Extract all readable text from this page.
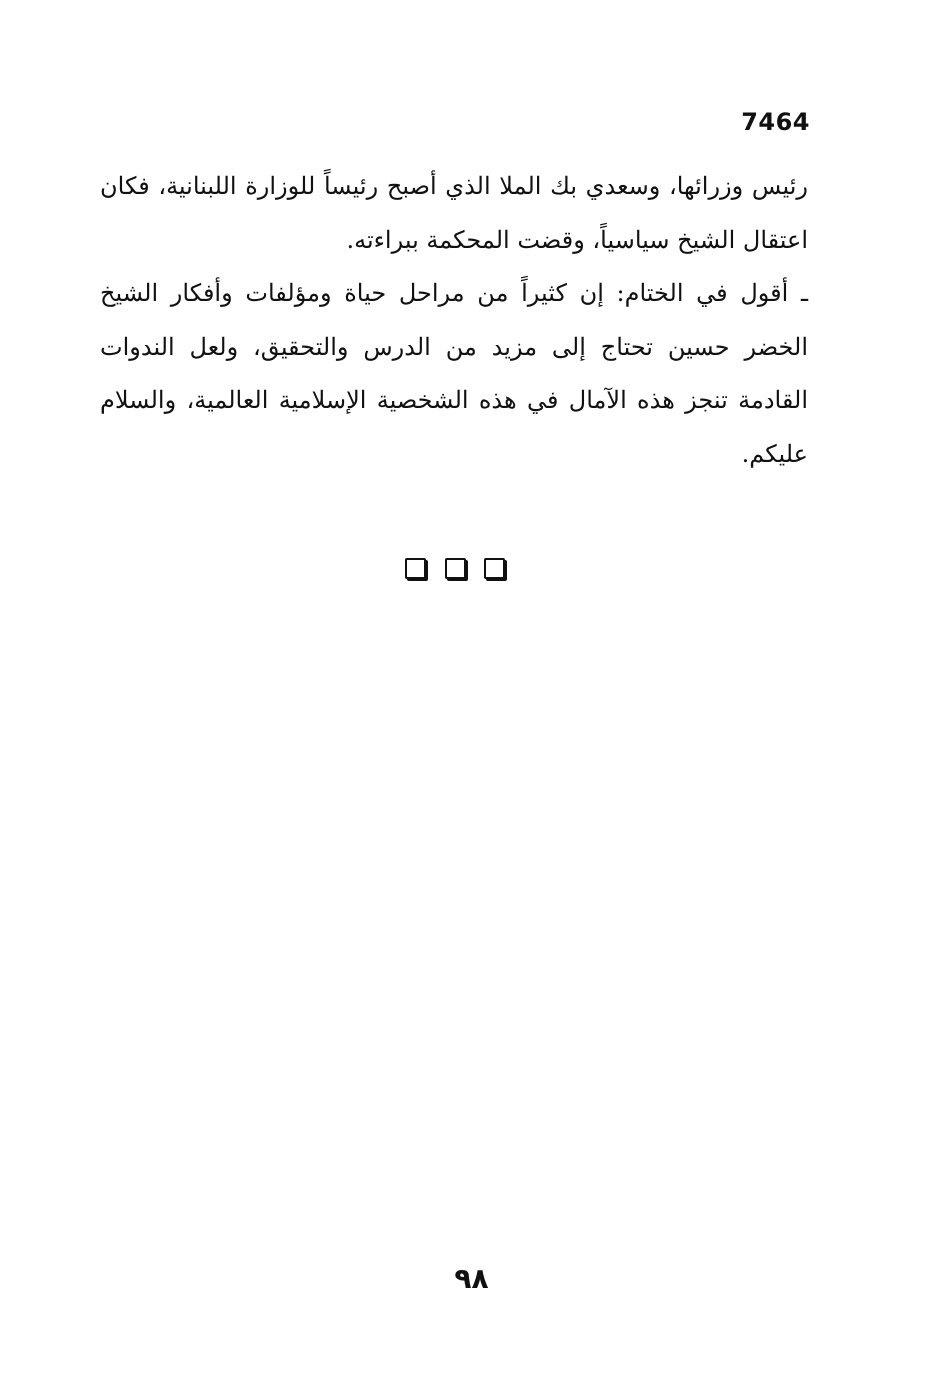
7464

رئيس وزرائها، وسعدي بك الملا الذي أصبح رئيساً للوزارة اللبنانية، فكان اعتقال الشيخ سياسياً، وقضت المحكمة ببراءته.

ـ أقول في الختام: إن كثيراً من مراحل حياة ومؤلفات وأفكار الشيخ الخضر حسين تحتاج إلى مزيد من الدرس والتحقيق، ولعل الندوات القادمة تنجز هذه الآمال في هذه الشخصية الإسلامية العالمية، والسلام عليكم.

٩٨
